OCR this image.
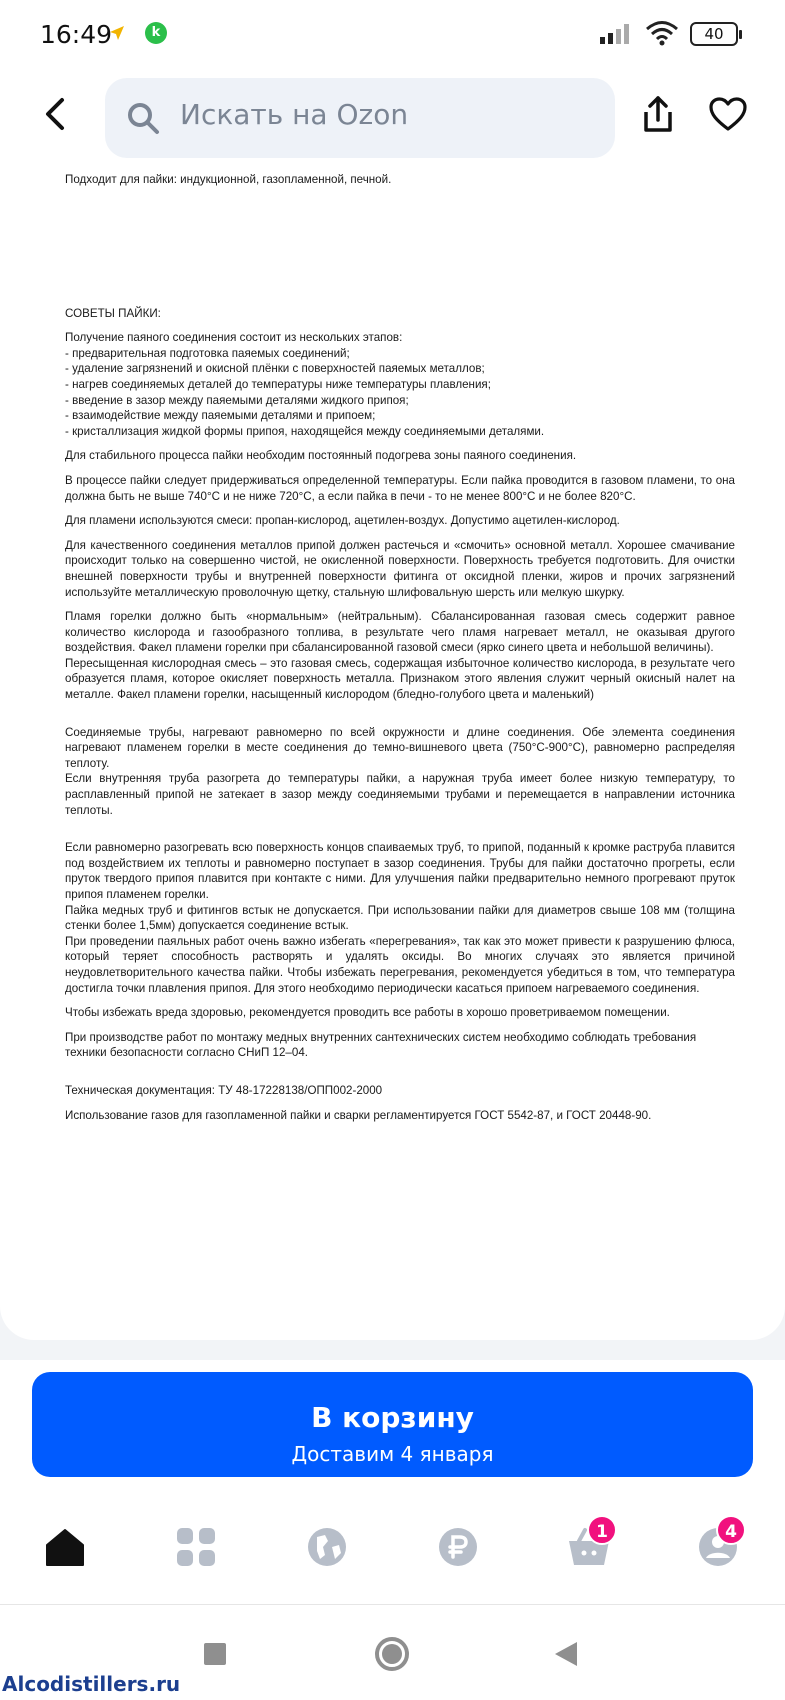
16:49	k	40
Искать на Ozon

Подходит для пайки: индукционной, газопламенной, печной.

СОВЕТЫ ПАЙКИ:

Получение паяного соединения состоит из нескольких этапов:
- предварительная подготовка паяемых соединений;
- удаление загрязнений и окисной плёнки с поверхностей паяемых металлов;
- нагрев соединяемых деталей до температуры ниже температуры плавления;
- введение в зазор между паяемыми деталями жидкого припоя;
- взаимодействие между паяемыми деталями и припоем;
- кристаллизация жидкой формы припоя, находящейся между соединяемыми деталями.

Для стабильного процесса пайки необходим постоянный подогрева зоны паяного соединения.

В процессе пайки следует придерживаться определенной температуры. Если пайка проводится в газовом пламени, то она должна быть не выше 740°С и не ниже 720°С, а если пайка в печи - то не менее 800°С и не более 820°С.

Для пламени используются смеси: пропан-кислород, ацетилен-воздух. Допустимо ацетилен-кислород.

Для качественного соединения металлов припой должен растечься и «смочить» основной металл. Хорошее смачивание происходит только на совершенно чистой, не окисленной поверхности. Поверхность требуется подготовить. Для очистки внешней поверхности трубы и внутренней поверхности фитинга от оксидной пленки, жиров и прочих загрязнений используйте металлическую проволочную щетку, стальную шлифовальную шерсть или мелкую шкурку.

Пламя горелки должно быть «нормальным» (нейтральным). Сбалансированная газовая смесь содержит равное количество кислорода и газообразного топлива, в результате чего пламя нагревает металл, не оказывая другого воздействия. Факел пламени горелки при сбалансированной газовой смеси (ярко синего цвета и небольшой величины).
Пересыщенная кислородная смесь – это газовая смесь, содержащая избыточное количество кислорода, в результате чего образуется пламя, которое окисляет поверхность металла. Признаком этого явления служит черный окисный налет на металле. Факел пламени горелки, насыщенный кислородом (бледно-голубого цвета и маленький)

Соединяемые трубы, нагревают равномерно по всей окружности и длине соединения. Обе элемента соединения нагревают пламенем горелки в месте соединения до темно-вишневого цвета (750°С-900°С), равномерно распределяя теплоту.
Если внутренняя труба разогрета до температуры пайки, а наружная труба имеет более низкую температуру, то расплавленный припой не затекает в зазор между соединяемыми трубами и перемещается в направлении источника теплоты.

Если равномерно разогревать всю поверхность концов спаиваемых труб, то припой, поданный к кромке раструба плавится под воздействием их теплоты и равномерно поступает в зазор соединения. Трубы для пайки достаточно прогреты, если пруток твердого припоя плавится при контакте с ними. Для улучшения пайки предварительно немного прогревают пруток припоя пламенем горелки.
Пайка медных труб и фитингов встык не допускается. При использовании пайки для диаметров свыше 108 мм (толщина стенки более 1,5мм) допускается соединение встык.
При проведении паяльных работ очень важно избегать «перегревания», так как это может привести к разрушению флюса, который теряет способность растворять и удалять оксиды. Во многих случаях это является причиной неудовлетворительного качества пайки. Чтобы избежать перегревания, рекомендуется убедиться в том, что температура достигла точки плавления припоя. Для этого необходимо периодически касаться припоем нагреваемого соединения.

Чтобы избежать вреда здоровью, рекомендуется проводить все работы в хорошо проветриваемом помещении.

При производстве работ по монтажу медных внутренних сантехнических систем необходимо соблюдать требования техники безопасности согласно СНиП 12–04.

Техническая документация: ТУ 48-17228138/ОПП002-2000

Использование газов для газопламенной пайки и сварки регламентируется ГОСТ 5542-87, и ГОСТ 20448-90.

В корзину
Доставим 4 января
1	4
Alcodistillers.ru
